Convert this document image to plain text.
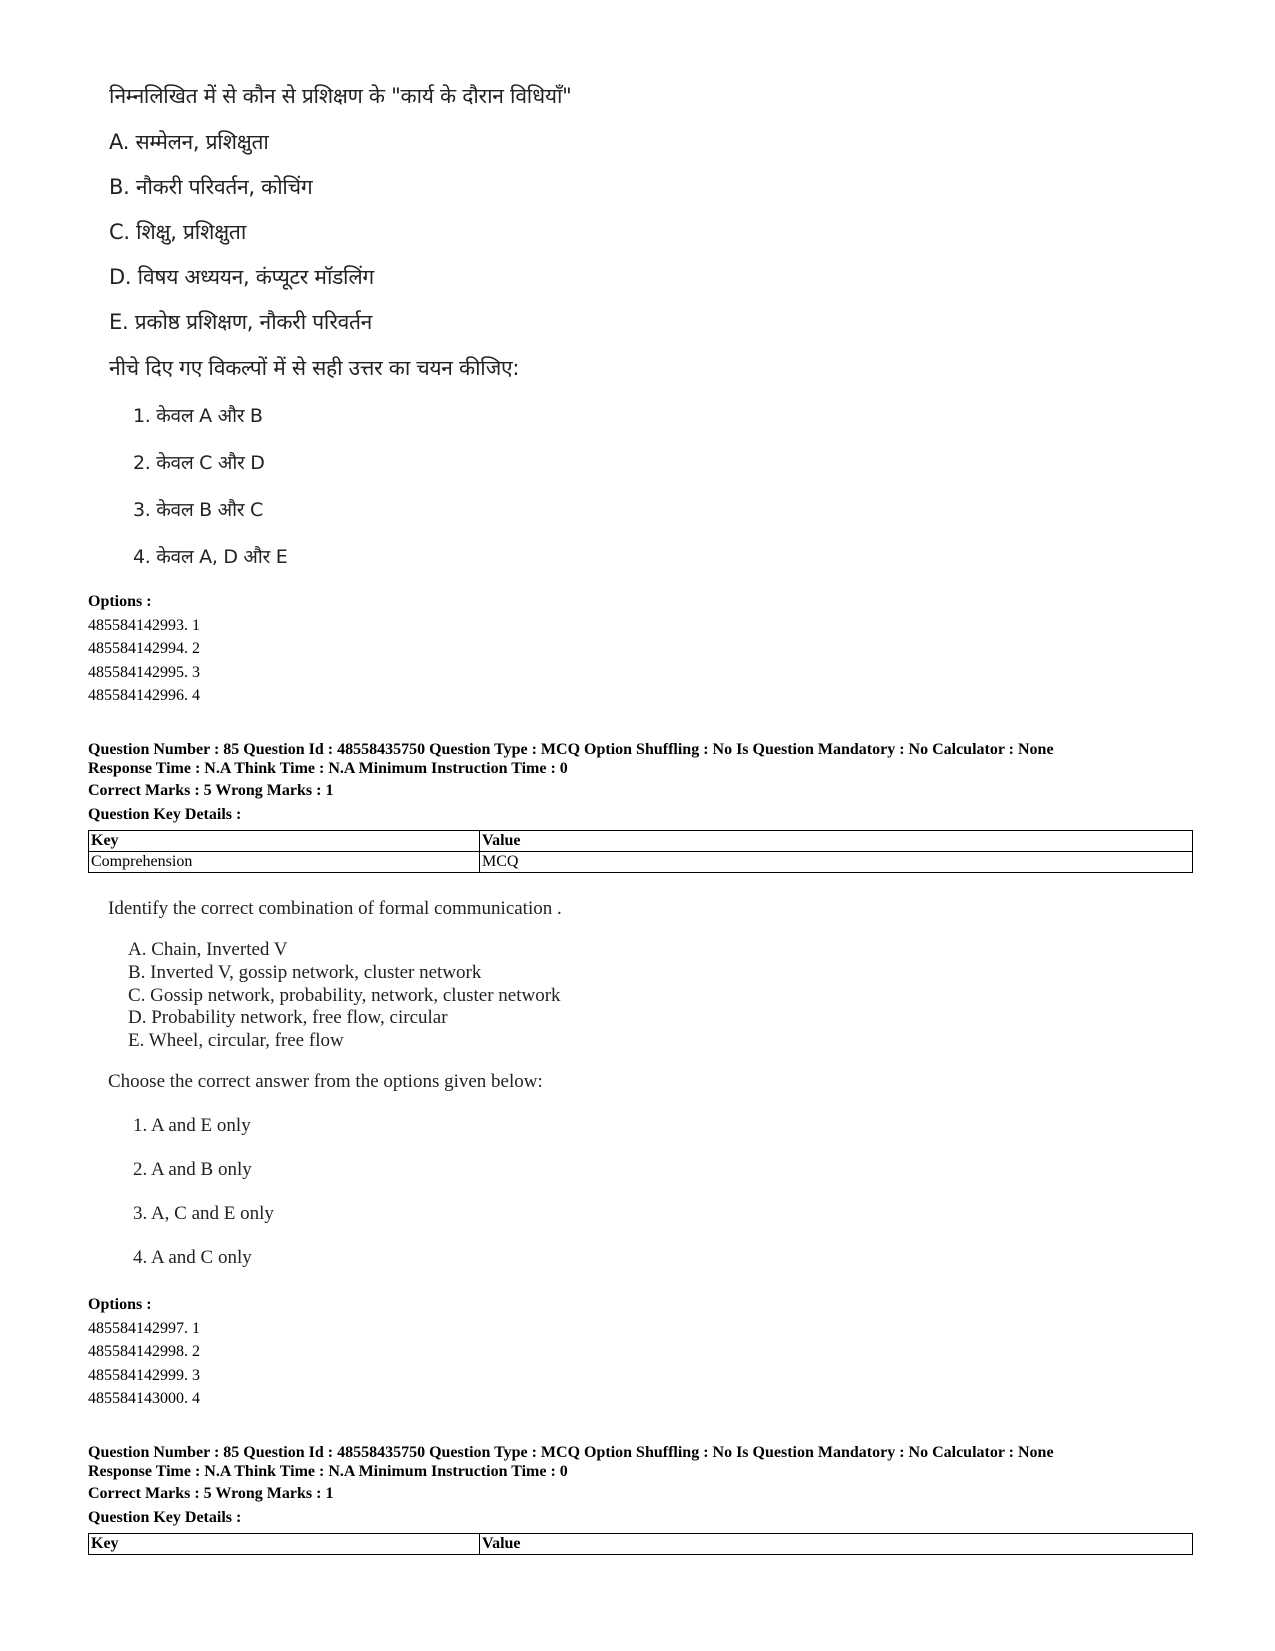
निम्नलिखित में से कौन से प्रशिक्षण के "कार्य के दौरान विधियाँ"
A. सम्मेलन, प्रशिक्षुता
B. नौकरी परिवर्तन, कोचिंग
C. शिक्षु, प्रशिक्षुता
D. विषय अध्ययन, कंप्यूटर मॉडलिंग
E. प्रकोष्ठ प्रशिक्षण, नौकरी परिवर्तन
नीचे दिए गए विकल्पों में से सही उत्तर का चयन कीजिए:
1. केवल A और B
2. केवल C और D
3. केवल B और C
4. केवल A, D और E
Options :
485584142993. 1
485584142994. 2
485584142995. 3
485584142996. 4
Question Number : 85 Question Id : 48558435750 Question Type : MCQ Option Shuffling : No Is Question Mandatory : No Calculator : None
Response Time : N.A Think Time : N.A Minimum Instruction Time : 0
Correct Marks : 5 Wrong Marks : 1
Question Key Details :
Key	Value
Comprehension	MCQ
Identify the correct combination of formal communication .
A. Chain, Inverted V
B. Inverted V, gossip network, cluster network
C. Gossip network, probability, network, cluster network
D. Probability network, free flow, circular
E. Wheel, circular, free flow
Choose the correct answer from the options given below:
1. A and E only
2. A and B only
3. A, C and E only
4. A and C only
Options :
485584142997. 1
485584142998. 2
485584142999. 3
485584143000. 4
Question Number : 85 Question Id : 48558435750 Question Type : MCQ Option Shuffling : No Is Question Mandatory : No Calculator : None
Response Time : N.A Think Time : N.A Minimum Instruction Time : 0
Correct Marks : 5 Wrong Marks : 1
Question Key Details :
Key	Value
